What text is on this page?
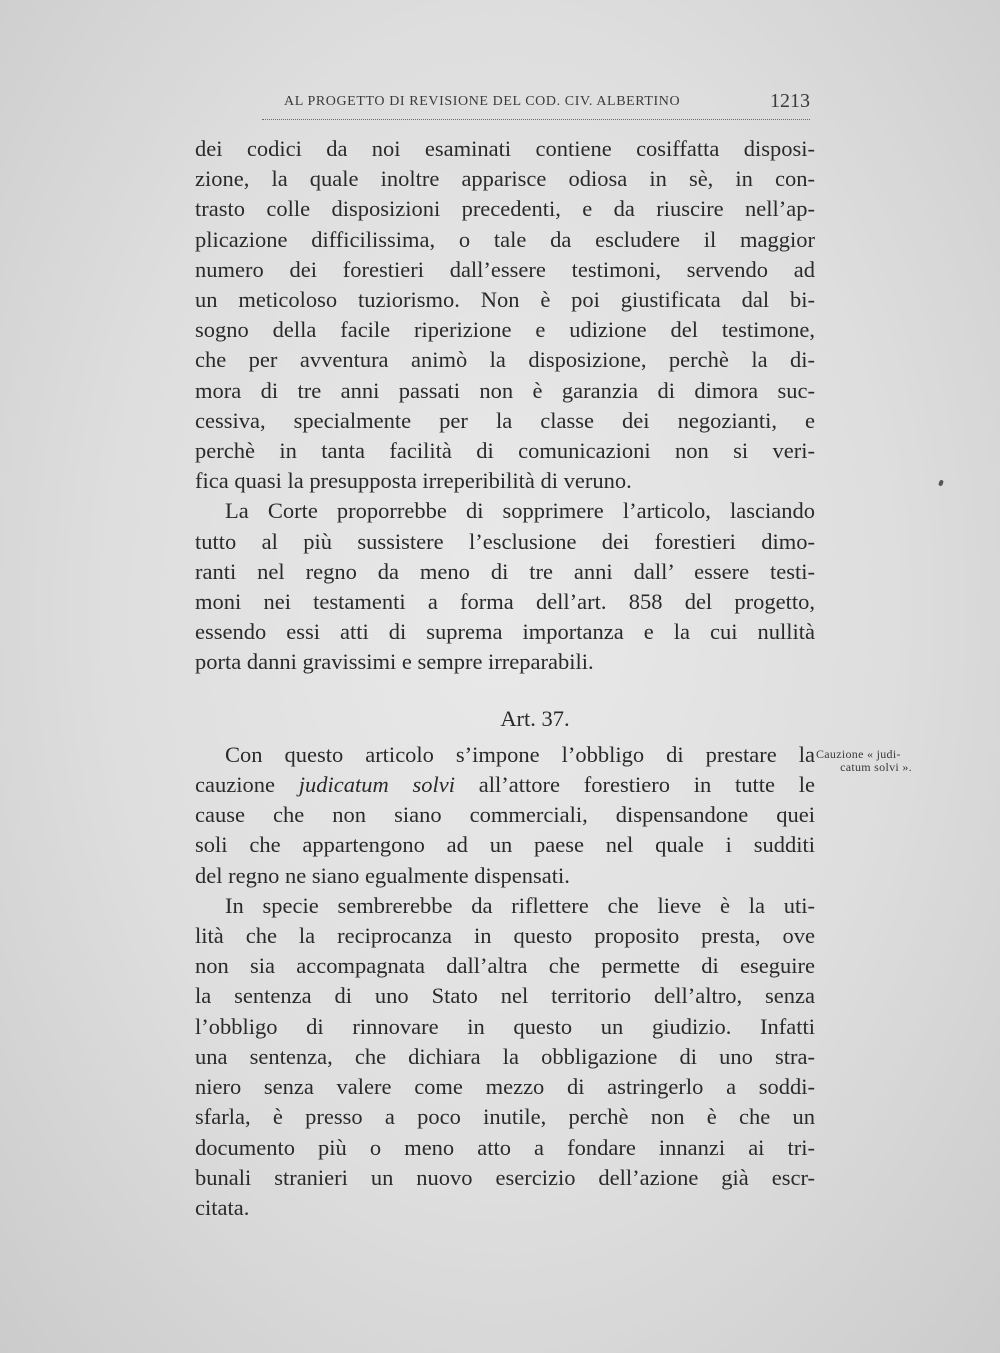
AL PROGETTO DI REVISIONE DEL COD. CIV. ALBERTINO	1213

dei codici da noi esaminati contiene cosiffatta disposi-
zione, la quale inoltre apparisce odiosa in sè, in con-
trasto colle disposizioni precedenti, e da riuscire nell’ap-
plicazione difficilissima, o tale da escludere il maggior
numero dei forestieri dall’essere testimoni, servendo ad
un meticoloso tuziorismo. Non è poi giustificata dal bi-
sogno della facile riperizione e udizione del testimone,
che per avventura animò la disposizione, perchè la di-
mora di tre anni passati non è garanzia di dimora suc-
cessiva, specialmente per la classe dei negozianti, e
perchè in tanta facilità di comunicazioni non si veri-
fica quasi la presupposta irreperibilità di veruno.

La Corte proporrebbe di sopprimere l’articolo, lasciando
tutto al più sussistere l’esclusione dei forestieri dimo-
ranti nel regno da meno di tre anni dall’ essere testi-
moni nei testamenti a forma dell’art. 858 del progetto,
essendo essi atti di suprema importanza e la cui nullità
porta danni gravissimi e sempre irreparabili.

Art. 37.

Con questo articolo s’impone l’obbligo di prestare la
cauzione judicatum solvi all’attore forestiero in tutte le
cause che non siano commerciali, dispensandone quei
soli che appartengono ad un paese nel quale i sudditi
del regno ne siano egualmente dispensati.

In specie sembrerebbe da riflettere che lieve è la uti-
lità che la reciprocanza in questo proposito presta, ove
non sia accompagnata dall’altra che permette di eseguire
la sentenza di uno Stato nel territorio dell’altro, senza
l’obbligo di rinnovare in questo un giudizio. Infatti
una sentenza, che dichiara la obbligazione di uno stra-
niero senza valere come mezzo di astringerlo a soddi-
sfarla, è presso a poco inutile, perchè non è che un
documento più o meno atto a fondare innanzi ai tri-
bunali stranieri un nuovo esercizio dell’azione già escr-
citata.

Cauzione « judi-
catum solvi ».
